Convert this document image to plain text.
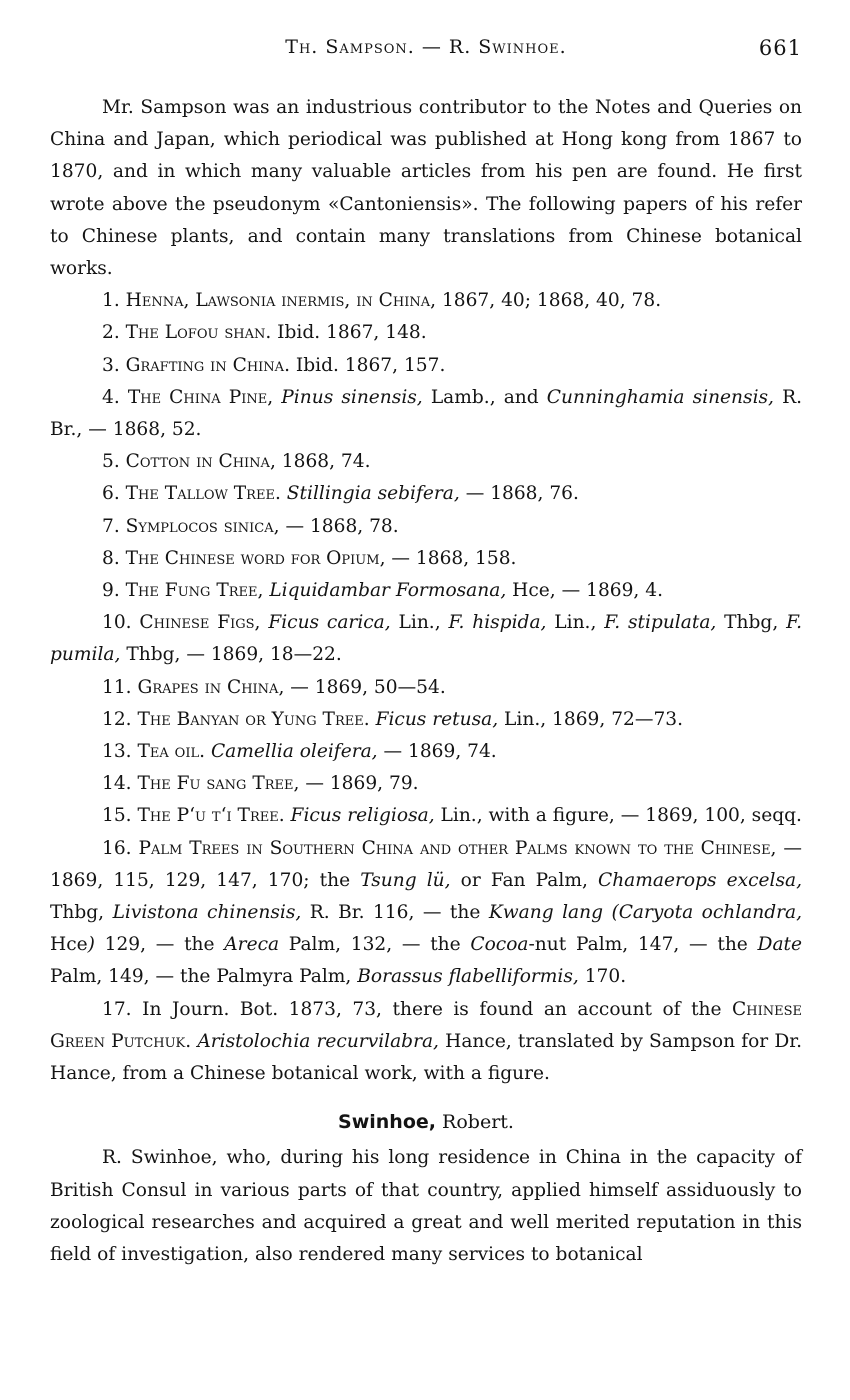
Th. Sampson. — R. Swinhoe.	661

Mr. Sampson was an industrious contributor to the Notes and Queries on China and Japan, which periodical was published at Hong kong from 1867 to 1870, and in which many valuable articles from his pen are found. He first wrote above the pseudonym «Cantoniensis». The following papers of his refer to Chinese plants, and contain many translations from Chinese botanical works.

1. Henna, Lawsonia inermis, in China, 1867, 40; 1868, 40, 78.

2. The Lofou shan. Ibid. 1867, 148.

3. Grafting in China. Ibid. 1867, 157.

4. The China Pine, Pinus sinensis, Lamb., and Cunninghamia sinensis, R. Br., — 1868, 52.

5. Cotton in China, 1868, 74.

6. The Tallow Tree. Stillingia sebifera, — 1868, 76.

7. Symplocos sinica, — 1868, 78.

8. The Chinese word for Opium, — 1868, 158.

9. The Fung Tree, Liquidambar Formosana, Hce, — 1869, 4.

10. Chinese Figs, Ficus carica, Lin., F. hispida, Lin., F. stipulata, Thbg, F. pumila, Thbg, — 1869, 18—22.

11. Grapes in China, — 1869, 50—54.

12. The Banyan or Yung Tree. Ficus retusa, Lin., 1869, 72—73.

13. Tea oil. Camellia oleifera, — 1869, 74.

14. The Fu sang Tree, — 1869, 79.

15. The P‘u t‘i Tree. Ficus religiosa, Lin., with a figure, — 1869, 100, seqq.

16. Palm Trees in Southern China and other Palms known to the Chinese, — 1869, 115, 129, 147, 170; the Tsung lü, or Fan Palm, Chamaerops excelsa, Thbg, Livistona chinensis, R. Br. 116, — the Kwang lang (Caryota ochlandra, Hce) 129, — the Areca Palm, 132, — the Cocoa-nut Palm, 147, — the Date Palm, 149, — the Palmyra Palm, Borassus flabelliformis, 170.

17. In Journ. Bot. 1873, 73, there is found an account of the Chinese Green Putchuk. Aristolochia recurvilabra, Hance, translated by Sampson for Dr. Hance, from a Chinese botanical work, with a figure.

Swinhoe, Robert.

R. Swinhoe, who, during his long residence in China in the capacity of British Consul in various parts of that country, applied himself assiduously to zoological researches and acquired a great and well merited reputation in this field of investigation, also rendered many services to botanical
